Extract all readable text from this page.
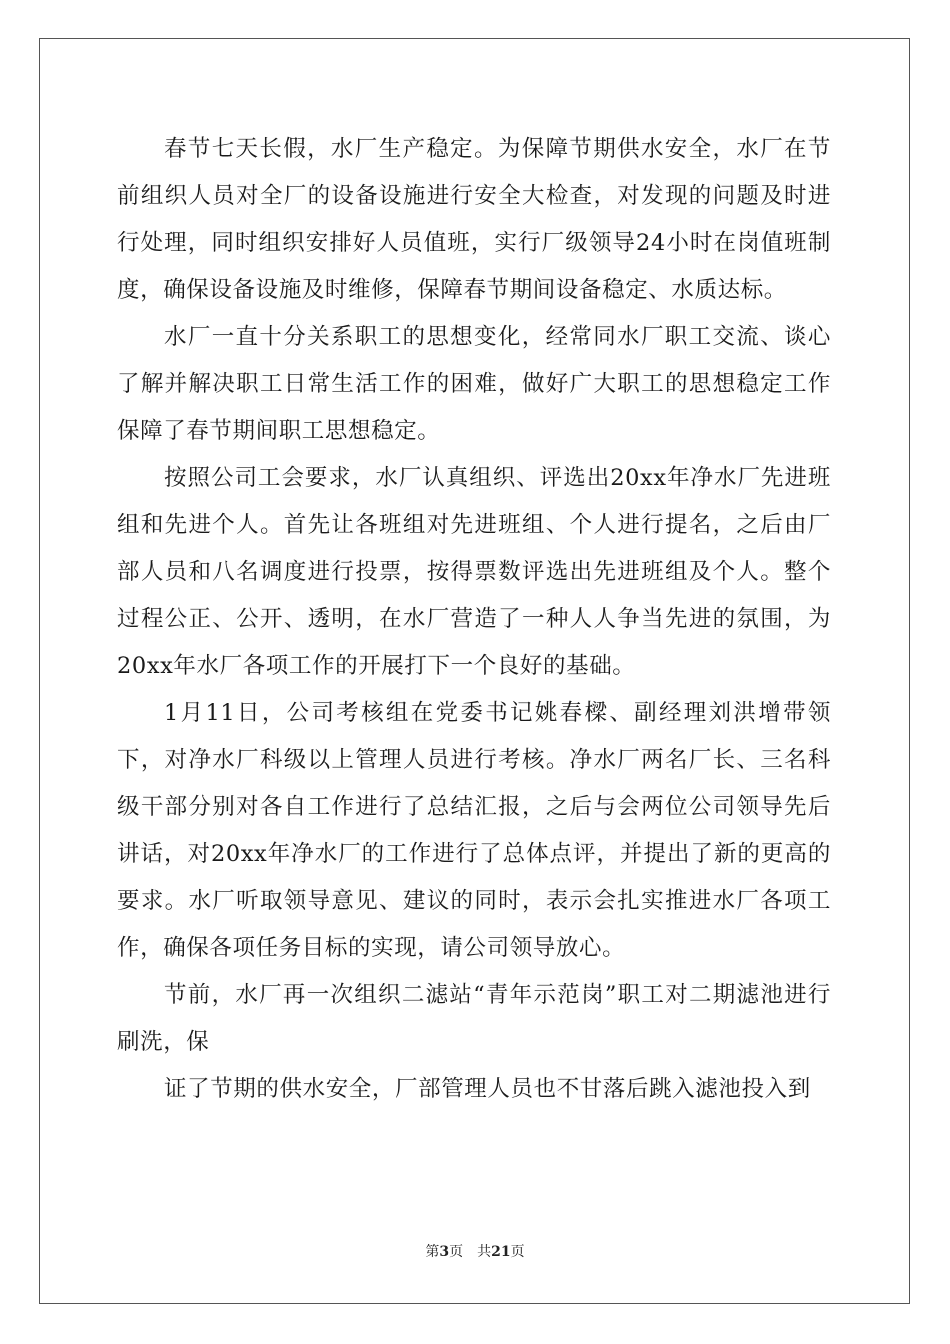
春节七天长假，水厂生产稳定。为保障节期供水安全，水厂在节前组织人员对全厂的设备设施进行安全大检查，对发现的问题及时进行处理，同时组织安排好人员值班，实行厂级领导24小时在岗值班制度，确保设备设施及时维修，保障春节期间设备稳定、水质达标。

水厂一直十分关系职工的思想变化，经常同水厂职工交流、谈心了解并解决职工日常生活工作的困难，做好广大职工的思想稳定工作保障了春节期间职工思想稳定。

按照公司工会要求，水厂认真组织、评选出20xx年净水厂先进班组和先进个人。首先让各班组对先进班组、个人进行提名，之后由厂部人员和八名调度进行投票，按得票数评选出先进班组及个人。整个过程公正、公开、透明，在水厂营造了一种人人争当先进的氛围，为20xx年水厂各项工作的开展打下一个良好的基础。

1月11日，公司考核组在党委书记姚春樑、副经理刘洪增带领下，对净水厂科级以上管理人员进行考核。净水厂两名厂长、三名科级干部分别对各自工作进行了总结汇报，之后与会两位公司领导先后讲话，对20xx年净水厂的工作进行了总体点评，并提出了新的更高的要求。水厂听取领导意见、建议的同时，表示会扎实推进水厂各项工作，确保各项任务目标的实现，请公司领导放心。

节前，水厂再一次组织二滤站“青年示范岗”职工对二期滤池进行刷洗，保

证了节期的供水安全，厂部管理人员也不甘落后跳入滤池投入到

第3页 共21页
